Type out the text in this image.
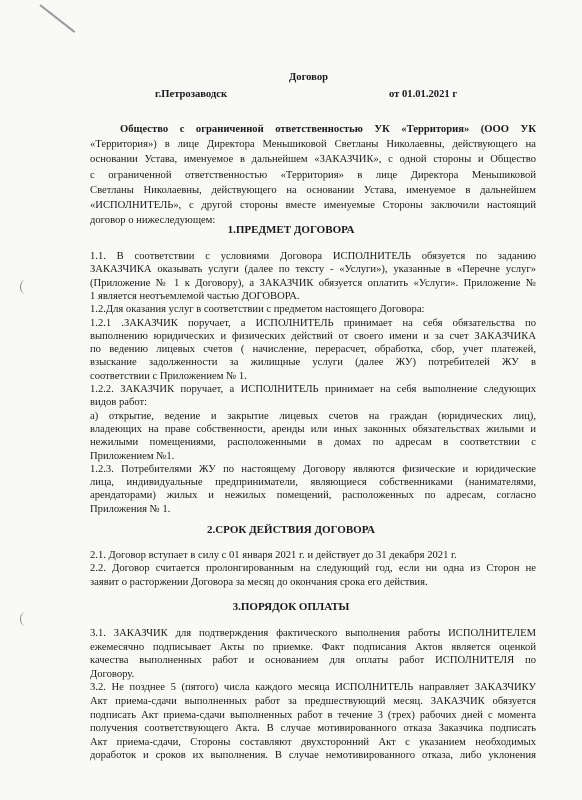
Договор
г.Петрозаводск	от 01.01.2021 г
Общество с ограниченной ответственностью УК «Территория» (ООО УК
«Территория») в лице Директора Меньшиковой Светланы Николаевны, действующего на
основании Устава, именуемое в дальнейшем «ЗАКАЗЧИК», с одной стороны и Общество
с ограниченной ответственностью «Территория» в лице Директора Меньшиковой
Светланы Николаевны, действующего на основании Устава, именуемое в дальнейшем
«ИСПОЛНИТЕЛЬ», с другой стороны вместе именуемые Стороны заключили настоящий
договор о нижеследующем:
1.ПРЕДМЕТ ДОГОВОРА
1.1. В соответствии с условиями Договора ИСПОЛНИТЕЛЬ обязуется по заданию
ЗАКАЗЧИКА оказывать услуги (далее по тексту - «Услуги»), указанные в «Перечне услуг»
(Приложение № 1 к Договору), а ЗАКАЗЧИК обязуется оплатить «Услуги». Приложение №
1 является неотъемлемой частью ДОГОВОРА.
1.2.Для оказания услуг в соответствии с предметом настоящего Договора:
1.2.1 .ЗАКАЗЧИК поручает, а ИСПОЛНИТЕЛЬ принимает на себя обязательства по
выполнению юридических и физических действий от своего имени и за счет ЗАКАЗЧИКА
по ведению лицевых счетов ( начисление, перерасчет, обработка, сбор, учет платежей,
взыскание задолженности за жилищные услуги (далее ЖУ) потребителей ЖУ в
соответствии с Приложением № 1.
1.2.2. ЗАКАЗЧИК поручает, а ИСПОЛНИТЕЛЬ принимает на себя выполнение следующих
видов работ:
а) открытие, ведение и закрытие лицевых счетов на граждан (юридических лиц),
владеющих на праве собственности, аренды или иных законных обязательствах жилыми и
нежилыми помещениями, расположенными в домах по адресам в соответствии с
Приложением №1.
1.2.3. Потребителями ЖУ по настоящему Договору являются физические и юридические
лица, индивидуальные предприниматели, являющиеся собственниками (нанимателями,
арендаторами) жилых и нежилых помещений, расположенных по адресам, согласно
Приложения № 1.
2.СРОК ДЕЙСТВИЯ ДОГОВОРА
2.1. Договор вступает в силу с 01 января 2021 г. и действует до 31 декабря 2021 г.
2.2. Договор считается пролонгированным на следующий год, если ни одна из Сторон не
заявит о расторжении Договора за месяц до окончания срока его действия.
3.ПОРЯДОК ОПЛАТЫ
3.1. ЗАКАЗЧИК для подтверждения фактического выполнения работы ИСПОЛНИТЕЛЕМ
ежемесячно подписывает Акты по приемке. Факт подписания Актов является оценкой
качества выполненных работ и основанием для оплаты работ ИСПОЛНИТЕЛЯ по
Договору.
3.2. Не позднее 5 (пятого) числа каждого месяца ИСПОЛНИТЕЛЬ направляет ЗАКАЗЧИКУ
Акт приема-сдачи выполненных работ за предшествующий месяц. ЗАКАЗЧИК обязуется
подписать Акт приема-сдачи выполненных работ в течение 3 (трех) рабочих дней с момента
получения соответствующего Акта. В случае мотивированного отказа Заказчика подписать
Акт приема-сдачи, Стороны составляют двухсторонний Акт с указанием необходимых
доработок и сроков их выполнения. В случае немотивированного отказа, либо уклонения
